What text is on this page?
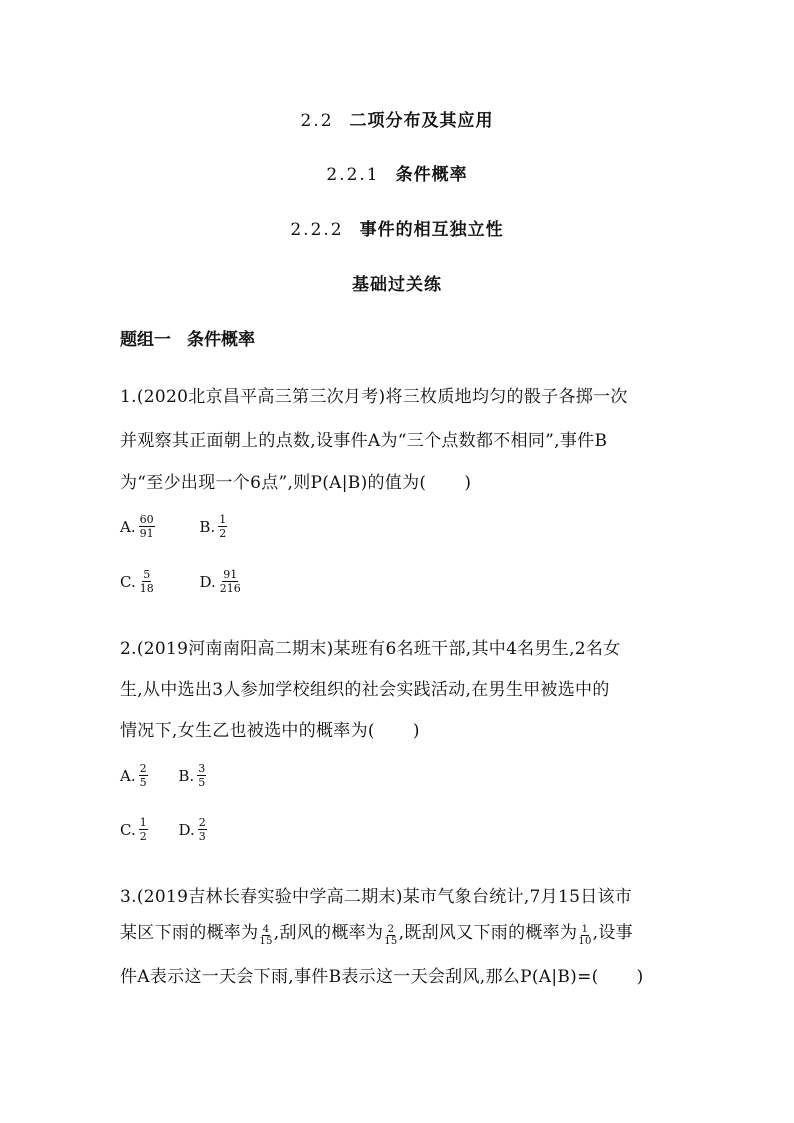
2.2 二项分布及其应用
2.2.1 条件概率
2.2.2 事件的相互独立性
基础过关练
题组一 条件概率
1.(2020北京昌平高三第三次月考)将三枚质地均匀的骰子各掷一次
并观察其正面朝上的点数,设事件A为“三个点数都不相同”,事件B
为“至少出现一个6点”,则P(A|B)的值为( )
A. $\frac{60}{91}$
	B. $\frac{1}{2}$
C. $\frac{5}{18}$
	D. $\frac{91}{216}$
2.(2019河南南阳高二期末)某班有6名班干部,其中4名男生,2名女
生,从中选出3人参加学校组织的社会实践活动,在男生甲被选中的
情况下,女生乙也被选中的概率为( )
A. $\frac{2}{5}$
B. $\frac{3}{5}$
C. $\frac{1}{2}$
D. $\frac{2}{3}$
3.(2019吉林长春实验中学高二期末)某市气象台统计,7月15日该市
某区下雨的概率为 $\frac{4}{15}$ ,刮风的概率为 $\frac{2}{15}$ ,既刮风又下雨的概率为 $\frac{1}{10}$ ,设事
件A表示这一天会下雨,事件B表示这一天会刮风,那么P(A|B)=( )
